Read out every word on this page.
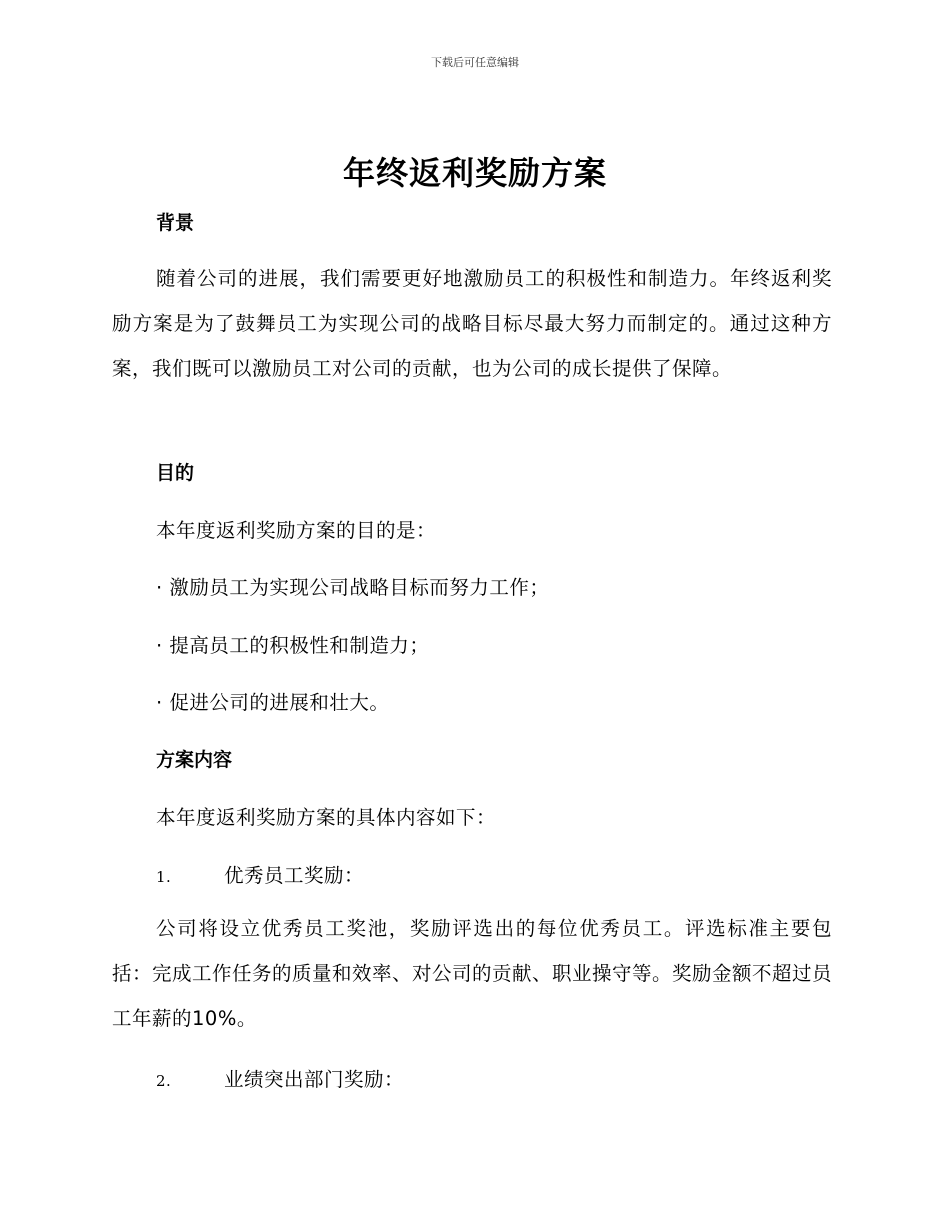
下载后可任意编辑
年终返利奖励方案
背景

随着公司的进展，我们需要更好地激励员工的积极性和制造力。年终返利奖励方案是为了鼓舞员工为实现公司的战略目标尽最大努力而制定的。通过这种方案，我们既可以激励员工对公司的贡献，也为公司的成长提供了保障。

目的

本年度返利奖励方案的目的是：

· 激励员工为实现公司战略目标而努力工作；

· 提高员工的积极性和制造力；

· 促进公司的进展和壮大。

方案内容

本年度返利奖励方案的具体内容如下：

1.	优秀员工奖励：

公司将设立优秀员工奖池，奖励评选出的每位优秀员工。评选标准主要包括：完成工作任务的质量和效率、对公司的贡献、职业操守等。奖励金额不超过员工年薪的10%。

2.	业绩突出部门奖励：
